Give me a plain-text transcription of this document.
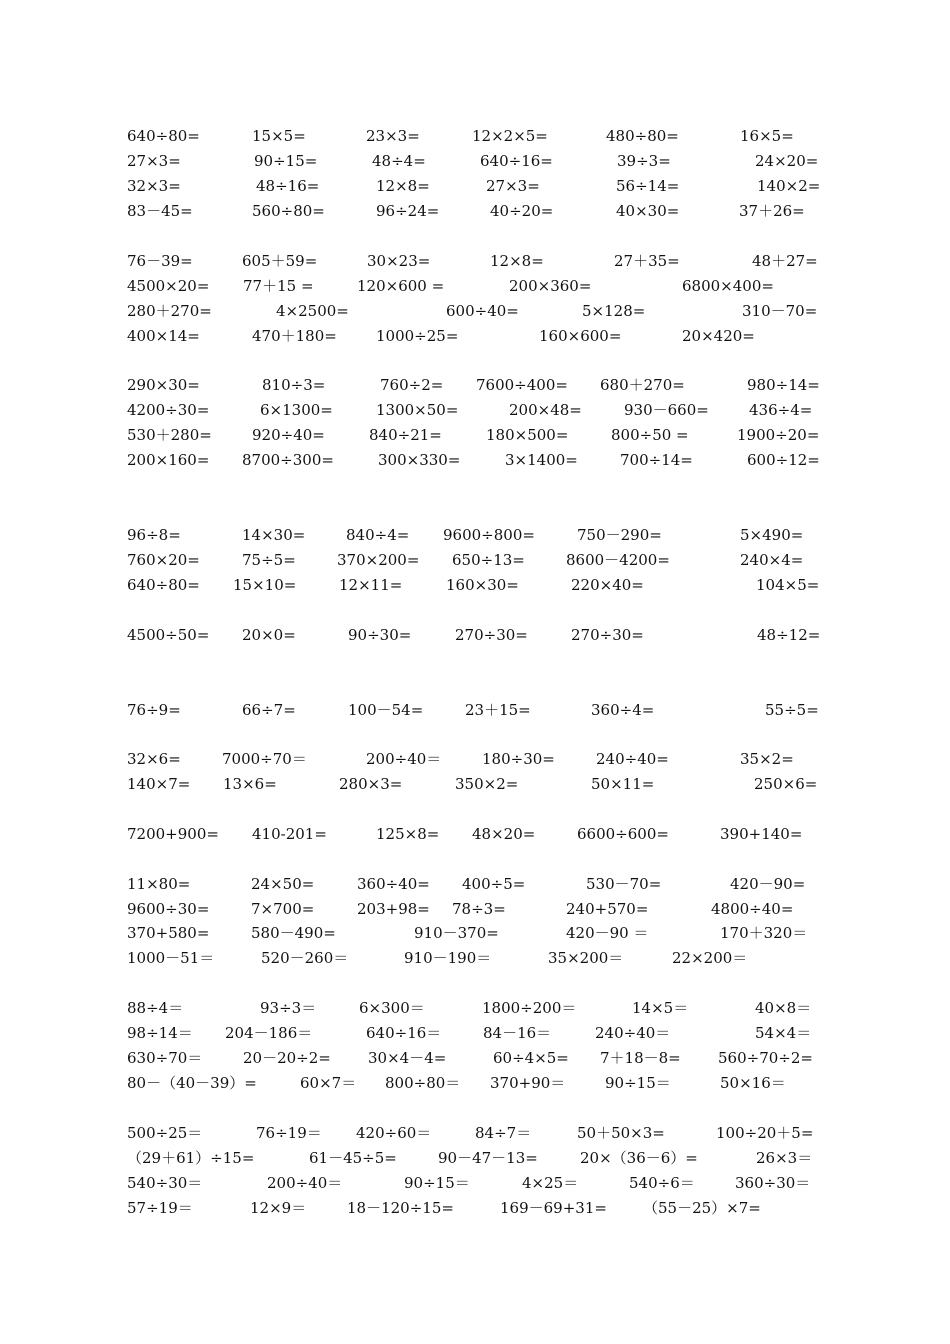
640÷80=	15×5=	23×3=	12×2×5=	480÷80=	16×5=
27×3=	90÷15=	48÷4=	640÷16=	39÷3=	24×20=
32×3=	48÷16=	12×8=	27×3=	56÷14=	140×2=
83－45=	560÷80=	96÷24=	40÷20=	40×30=	37＋26=
76－39=	605＋59=	30×23=	12×8=	27＋35=	48＋27=
4500×20= 77＋15 =	120×600 =	200×360=	6800×400=
280＋270=	4×2500=	600÷40=	5×128=	310－70=
400×14=	470＋180=	1000÷25=	160×600=	20×420=
290×30=	810÷3=	760÷2= 7600÷400= 680＋270=	980÷14=
4200÷30=	6×1300=	1300×50=	200×48=	930－660=	436÷4=
530＋280=	920÷40=	840÷21=	180×500=	800÷50 =	1900÷20=
200×160= 8700÷300=	300×330=	3×1400=	700÷14=	600÷12=
96÷8=	14×30=	840÷4= 9600÷800=	750－290=	5×490=
760×20=	75÷5=	370×200= 650÷13=	8600－4200=	240×4=
640÷80= 15×10=	12×11=	160×30=	220×40=	104×5=
4500÷50= 20×0=	90÷30=	270÷30=	270÷30=	48÷12=
76÷9=	66÷7=	100－54=	23＋15=	360÷4=	55÷5=
32×6=	7000÷70＝	200÷40＝	180÷30=	240÷40=	35×2=
140×7= 13×6=	280×3=	350×2=	50×11=	250×6=
7200+900= 410-201=	125×8= 48×20=	6600÷600=	390+140=
11×80=	24×50=	360÷40= 400÷5=	530－70=	420－90=
9600÷30=	7×700=	203+98= 78÷3=	240+570=	4800÷40=
370+580=	580－490=	910－370=	420－90 ＝	170＋320＝
1000－51＝	520－260＝	910－190＝	35×200＝	22×200＝
88÷4＝	93÷3＝	6×300＝	1800÷200＝	14×5＝	40×8＝
98÷14＝ 204－186＝	640÷16＝	84－16＝	240÷40＝	54×4＝
630÷70＝	20－20÷2= 30×4－4=	60÷4×5= 7＋18－8= 560÷70÷2=
80－（40－39）=	60×7＝ 800÷80＝ 370+90＝	90÷15＝	50×16＝
500÷25＝	76÷19＝ 420÷60＝	84÷7＝	50＋50×3=	100÷20＋5=
（29＋61）÷15=	61－45÷5=	90－47－13=	20×（36－6）=	26×3＝
540÷30＝	200÷40＝	90÷15＝	4×25＝	540÷6＝	360÷30＝
57÷19＝	12×9＝	18－120÷15=	169－69+31= （55－25）×7=
